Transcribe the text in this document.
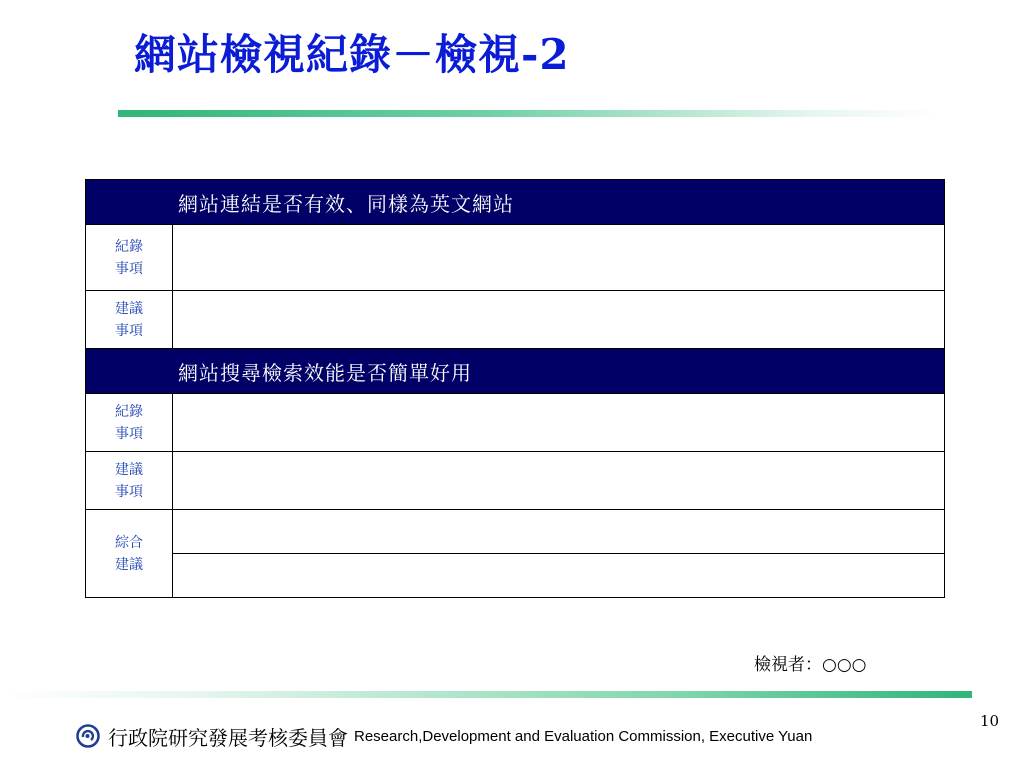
網站檢視紀錄－檢視-2
網站連結是否有效、同樣為英文網站	

紀錄
事項	

建議
事項	

網站搜尋檢索效能是否簡單好用	

紀錄
事項	

建議
事項	

綜合
建議	

檢視者：○○○
10
行政院研究發展考核委員會 Research,Development and Evaluation Commission, Executive Yuan
